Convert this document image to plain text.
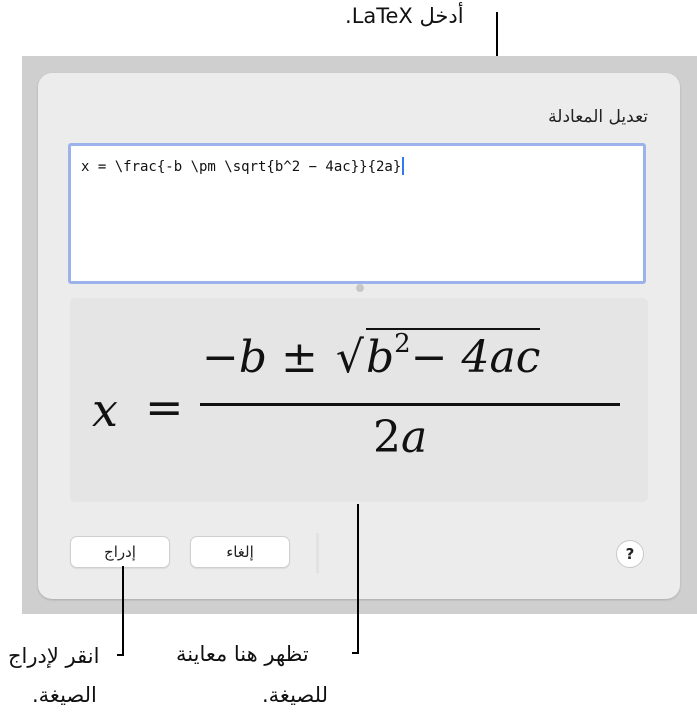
أدخل LaTeX.
تعديل المعادلة
x = \frac{-b \pm \sqrt{b^2 − 4ac}}{2a}
x =
$-b \pm √b^2- 4ac$
2a
?
إلغاء
إدراج
تظهر هنا معاينة
للصيغة.
انقر لإدراج
الصيغة.
